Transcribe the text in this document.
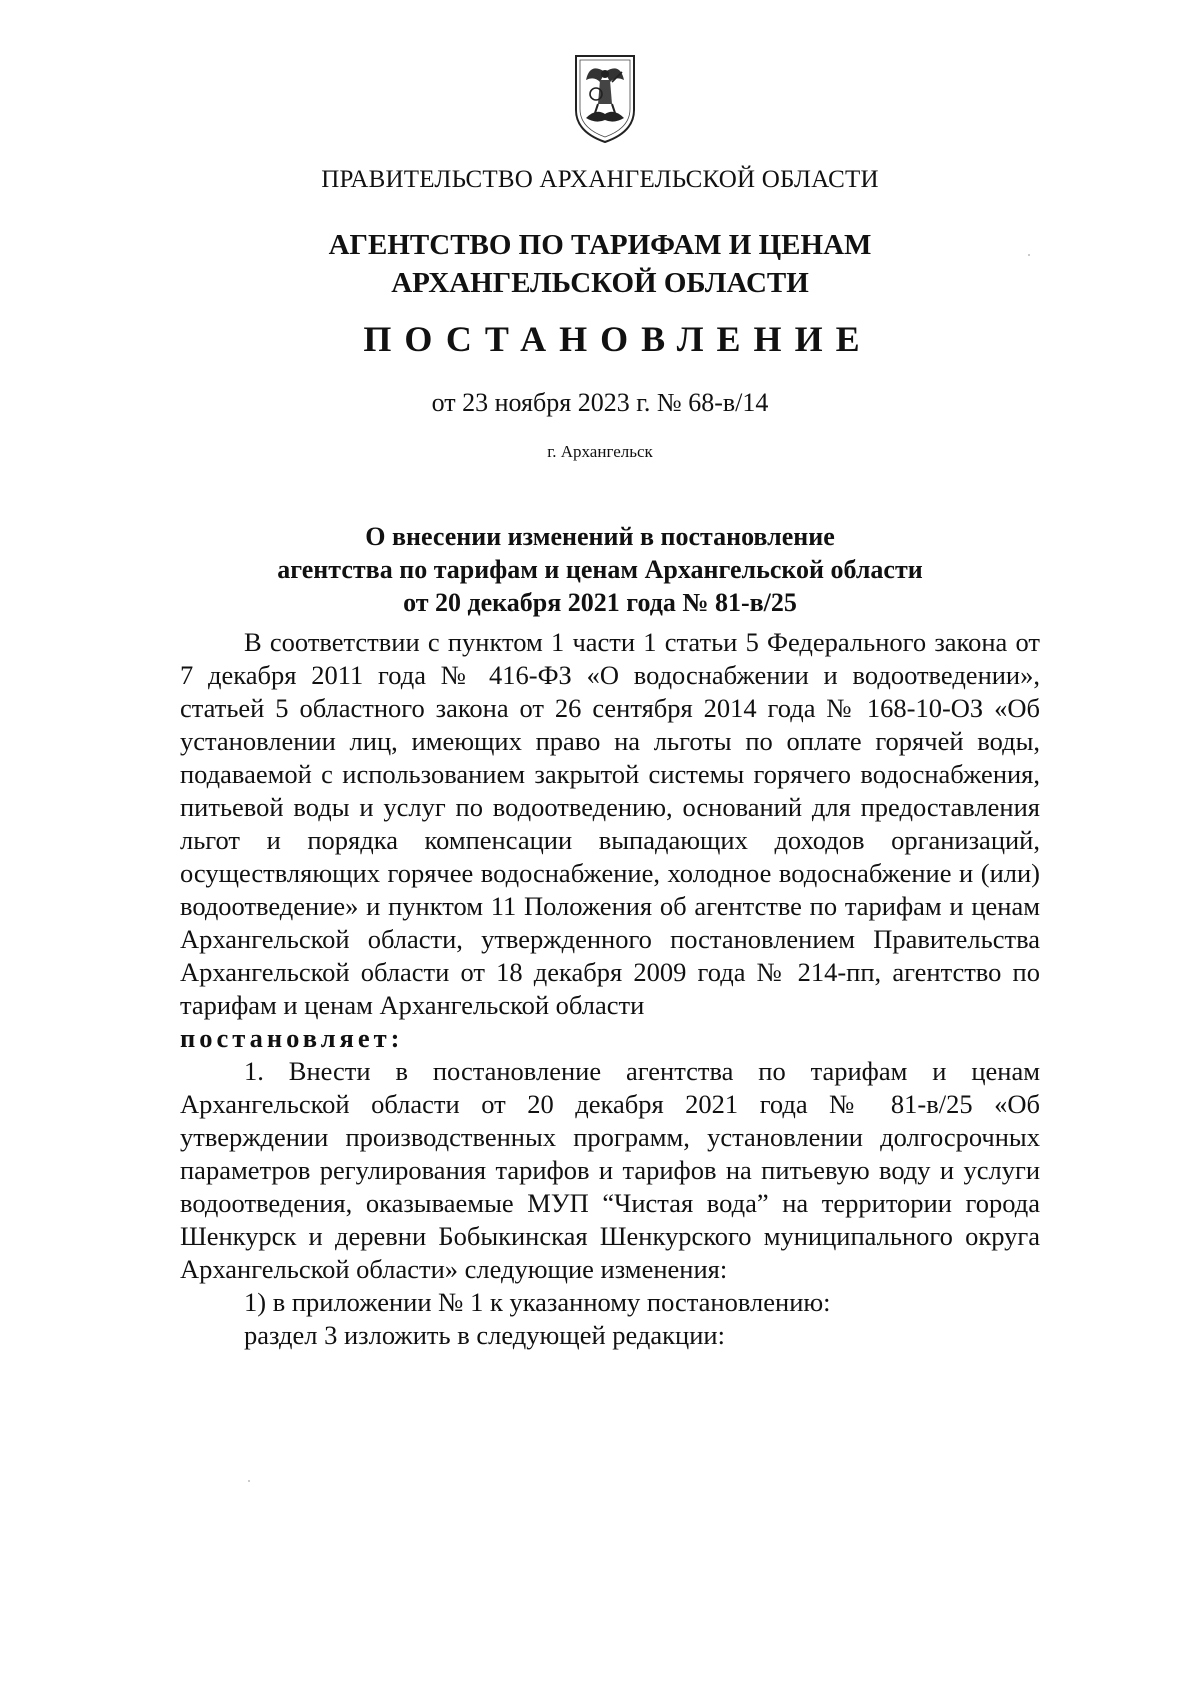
ПРАВИТЕЛЬСТВО АРХАНГЕЛЬСКОЙ ОБЛАСТИ
АГЕНТСТВО ПО ТАРИФАМ И ЦЕНАМ
АРХАНГЕЛЬСКОЙ ОБЛАСТИ
ПОСТАНОВЛЕНИЕ
от 23 ноября 2023 г. № 68-в/14
г. Архангельск
О внесении изменений в постановление
агентства по тарифам и ценам Архангельской области
от 20 декабря 2021 года № 81-в/25

В соответствии с пунктом 1 части 1 статьи 5 Федерального закона от 7 декабря 2011 года № 416-ФЗ «О водоснабжении и водоотведении», статьей 5 областного закона от 26 сентября 2014 года № 168-10-ОЗ «Об установлении лиц, имеющих право на льготы по оплате горячей воды, подаваемой с использованием закрытой системы горячего водоснабжения, питьевой воды и услуг по водоотведению, оснований для предоставления льгот и порядка компенсации выпадающих доходов организаций, осуществляющих горячее водоснабжение, холодное водоснабжение и (или) водоотведение» и пунктом 11 Положения об агентстве по тарифам и ценам Архангельской области, утвержденного постановлением Правительства Архангельской области от 18 декабря 2009 года № 214-пп, агентство по тарифам и ценам Архангельской области

постановляет:

1. Внести в постановление агентства по тарифам и ценам Архангельской области от 20 декабря 2021 года № 81-в/25 «Об утверждении производственных программ, установлении долгосрочных параметров регулирования тарифов и тарифов на питьевую воду и услуги водоотведения, оказываемые МУП “Чистая вода” на территории города Шенкурск и деревни Бобыкинская Шенкурского муниципального округа Архангельской области» следующие изменения:

1) в приложении № 1 к указанному постановлению:

раздел 3 изложить в следующей редакции:
